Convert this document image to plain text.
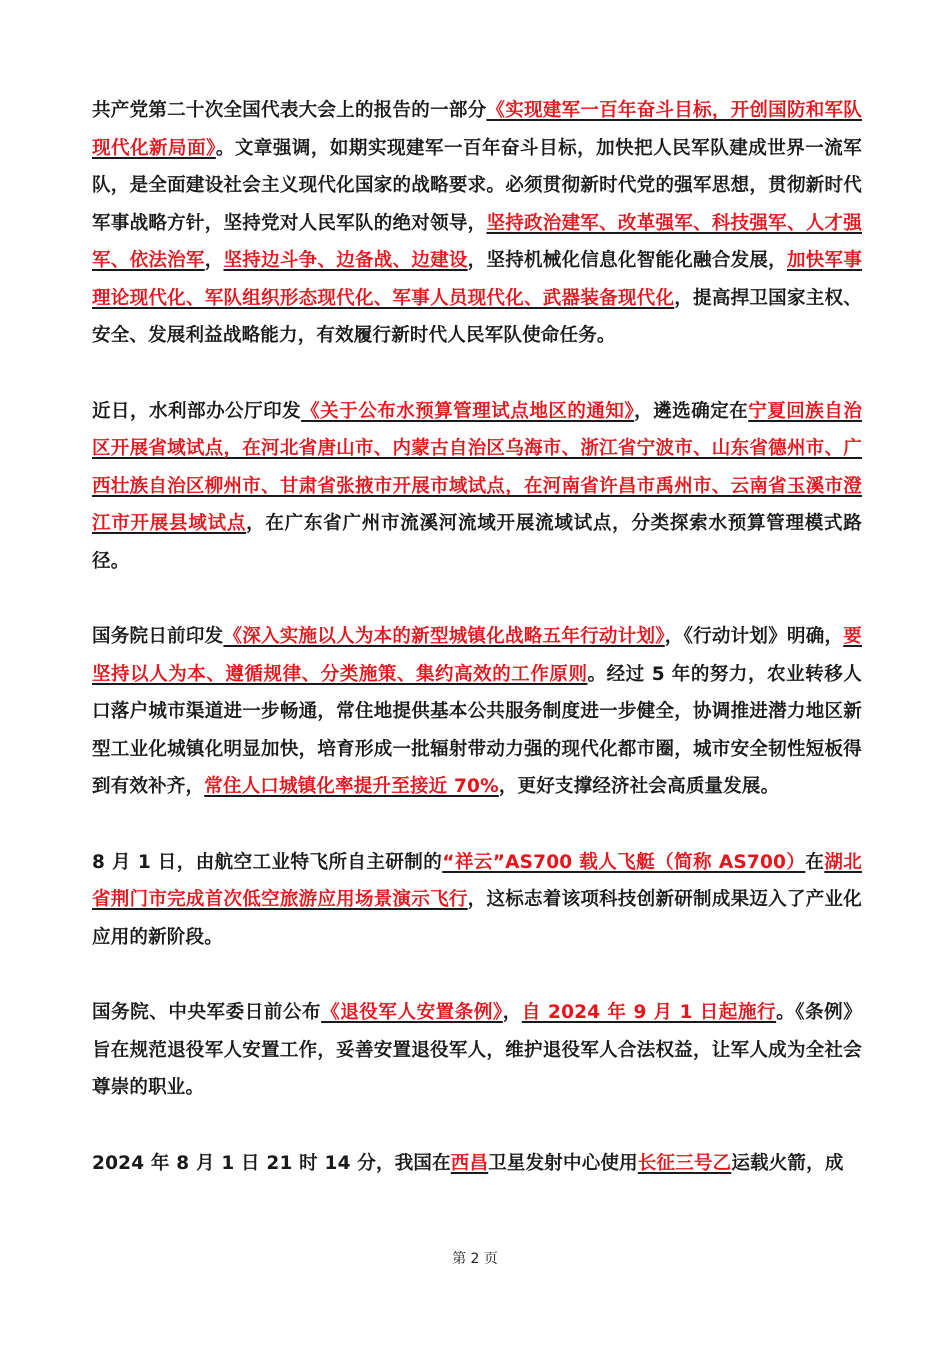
共产党第二十次全国代表大会上的报告的一部分《实现建军一百年奋斗目标，开创国防和军队现代化新局面》。文章强调，如期实现建军一百年奋斗目标，加快把人民军队建成世界一流军队，是全面建设社会主义现代化国家的战略要求。必须贯彻新时代党的强军思想，贯彻新时代军事战略方针，坚持党对人民军队的绝对领导，坚持政治建军、改革强军、科技强军、人才强军、依法治军，坚持边斗争、边备战、边建设，坚持机械化信息化智能化融合发展，加快军事理论现代化、军队组织形态现代化、军事人员现代化、武器装备现代化，提高捍卫国家主权、安全、发展利益战略能力，有效履行新时代人民军队使命任务。

近日，水利部办公厅印发《关于公布水预算管理试点地区的通知》，遴选确定在宁夏回族自治区开展省域试点，在河北省唐山市、内蒙古自治区乌海市、浙江省宁波市、山东省德州市、广西壮族自治区柳州市、甘肃省张掖市开展市域试点，在河南省许昌市禹州市、云南省玉溪市澄江市开展县域试点，在广东省广州市流溪河流域开展流域试点，分类探索水预算管理模式路径。

国务院日前印发《深入实施以人为本的新型城镇化战略五年行动计划》，《行动计划》明确，要坚持以人为本、遵循规律、分类施策、集约高效的工作原则。经过 5 年的努力，农业转移人口落户城市渠道进一步畅通，常住地提供基本公共服务制度进一步健全，协调推进潜力地区新型工业化城镇化明显加快，培育形成一批辐射带动力强的现代化都市圈，城市安全韧性短板得到有效补齐，常住人口城镇化率提升至接近 70%，更好支撑经济社会高质量发展。

8 月 1 日，由航空工业特飞所自主研制的“祥云”AS700 载人飞艇（简称 AS700）在湖北省荆门市完成首次低空旅游应用场景演示飞行，这标志着该项科技创新研制成果迈入了产业化应用的新阶段。

国务院、中央军委日前公布《退役军人安置条例》，自 2024 年 9 月 1 日起施行。《条例》旨在规范退役军人安置工作，妥善安置退役军人，维护退役军人合法权益，让军人成为全社会尊崇的职业。

2024 年 8 月 1 日 21 时 14 分，我国在西昌卫星发射中心使用长征三号乙运载火箭，成

第 2 页
